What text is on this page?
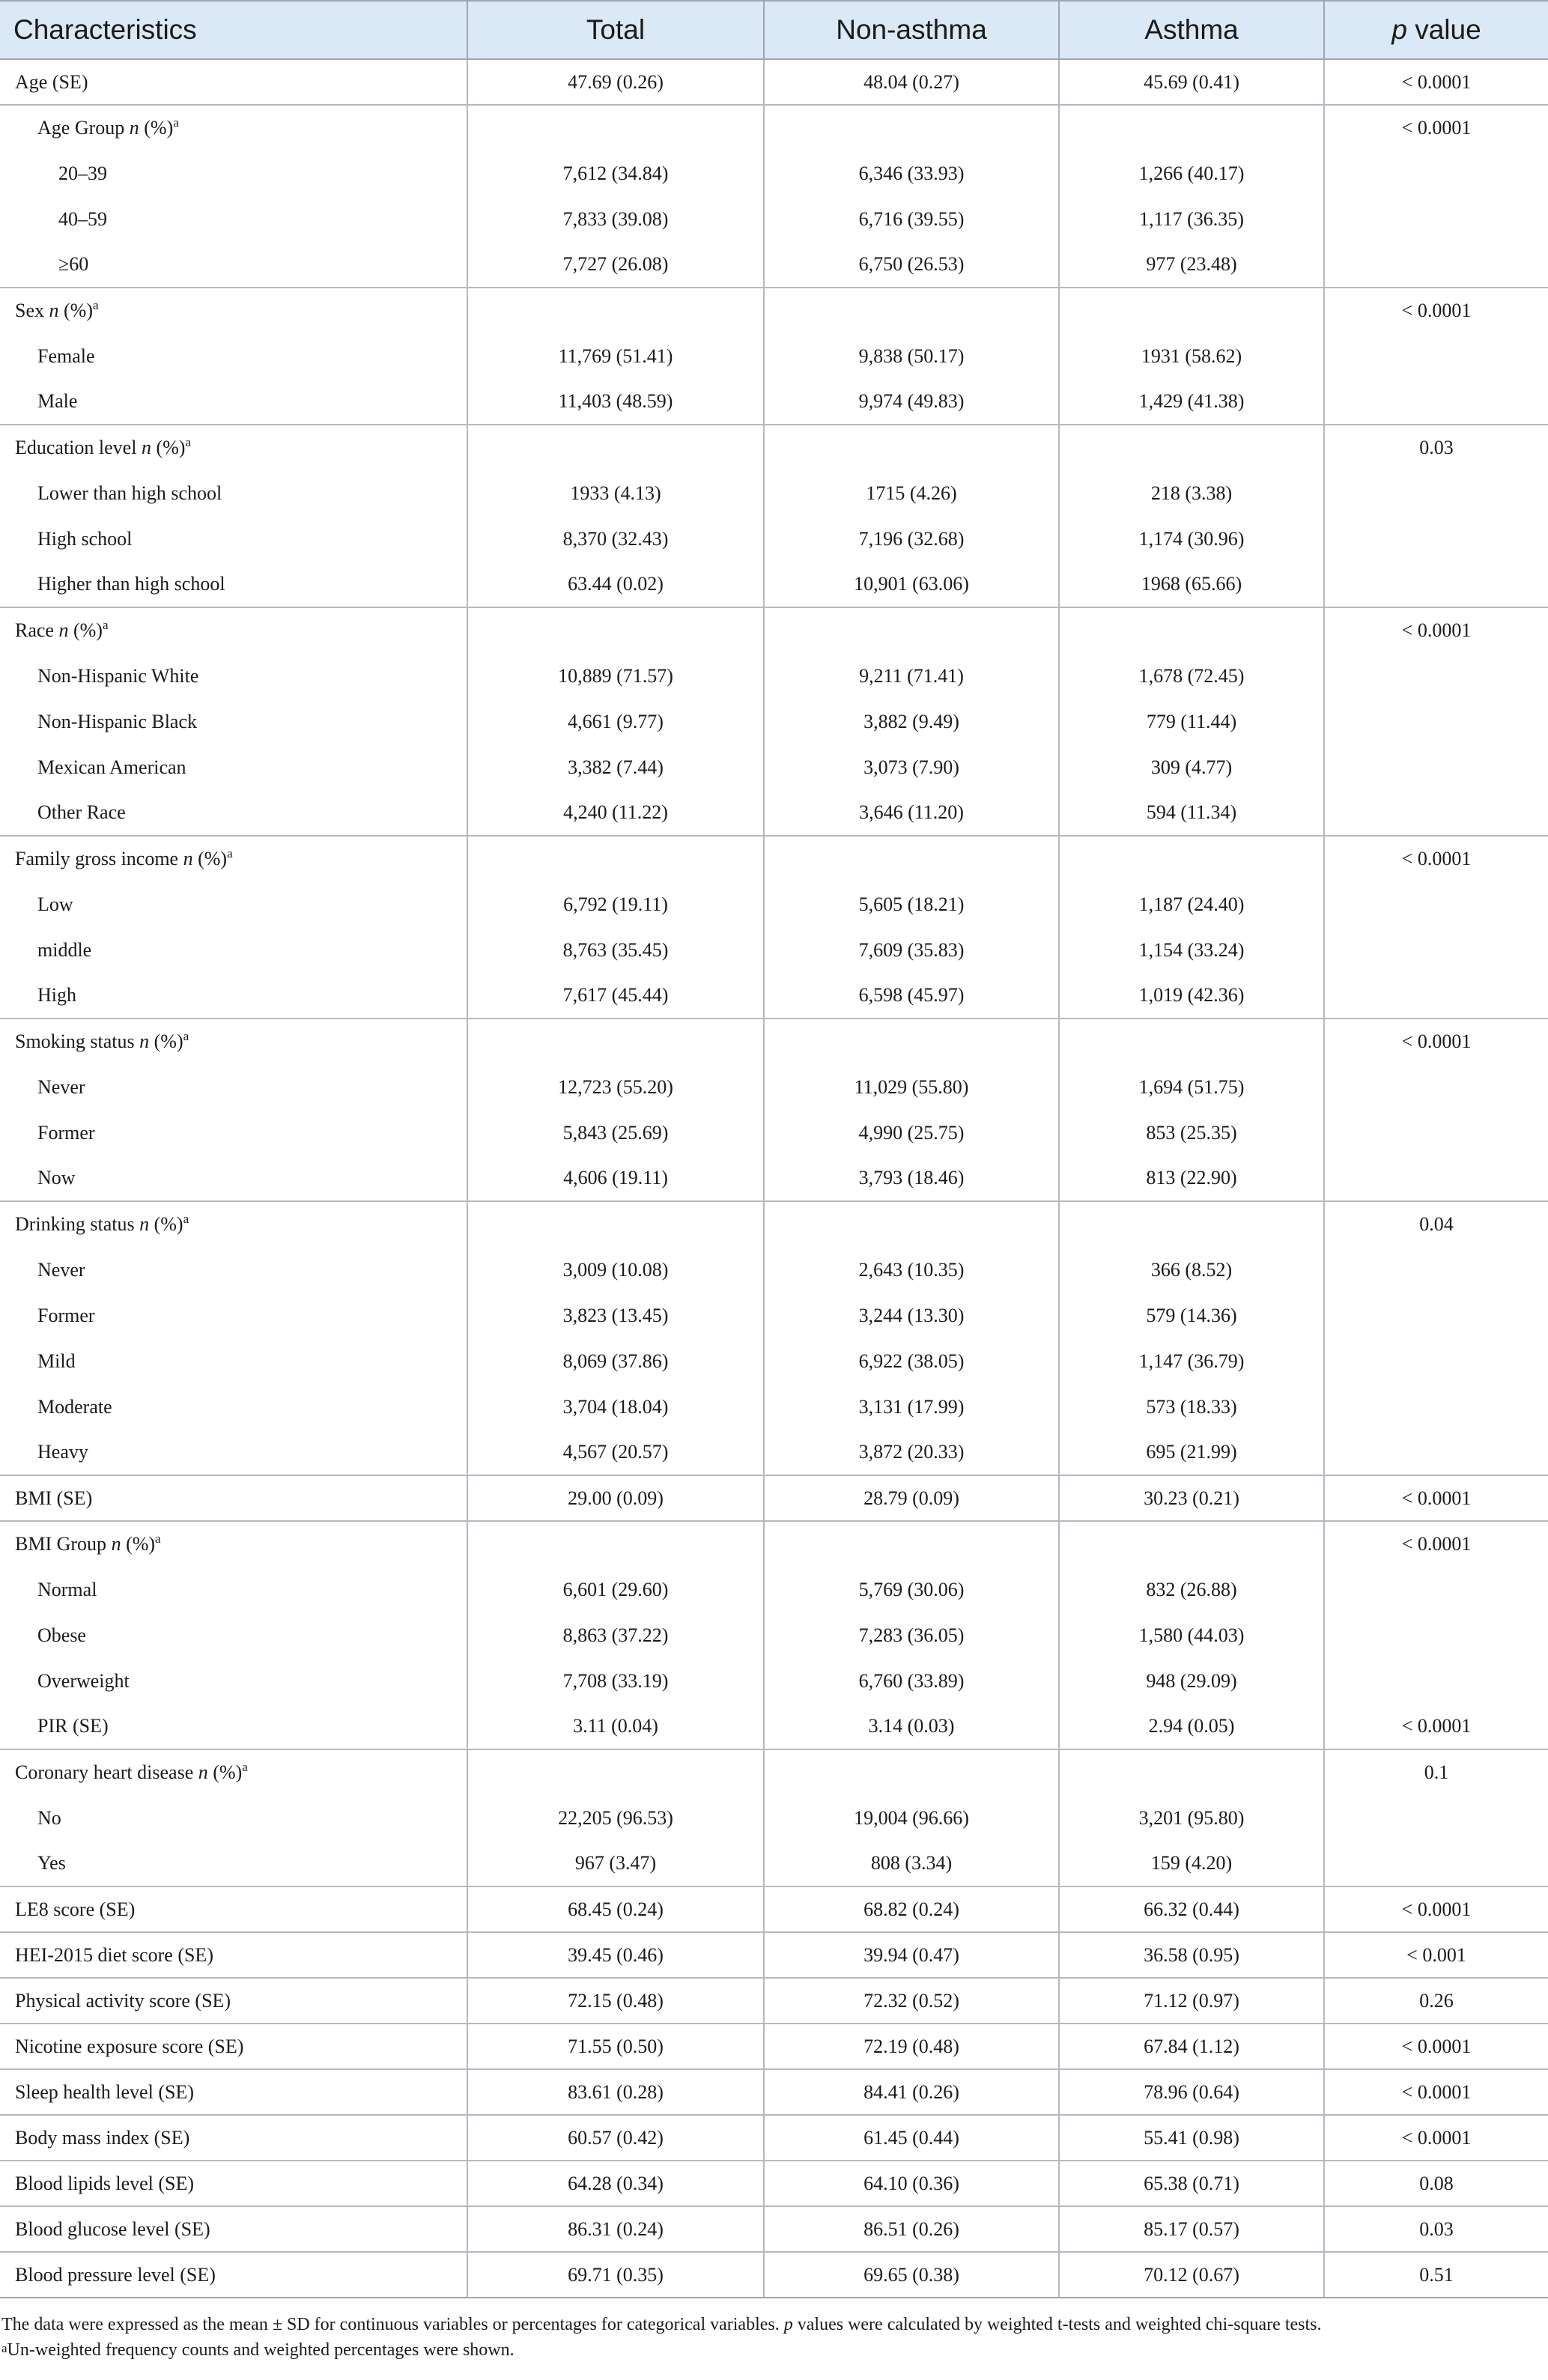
Characteristics	Total	Non-asthma	Asthma	p value
Age (SE)	47.69 (0.26)	48.04 (0.27)	45.69 (0.41)	< 0.0001
Age Group n (%)$^a$				< 0.0001
20–39	7,612 (34.84)	6,346 (33.93)	1,266 (40.17)	
40–59	7,833 (39.08)	6,716 (39.55)	1,117 (36.35)	
≥60	7,727 (26.08)	6,750 (26.53)	977 (23.48)	
Sex n (%)$^a$				< 0.0001
Female	11,769 (51.41)	9,838 (50.17)	1931 (58.62)	
Male	11,403 (48.59)	9,974 (49.83)	1,429 (41.38)	
Education level n (%)$^a$				0.03
Lower than high school	1933 (4.13)	1715 (4.26)	218 (3.38)	
High school	8,370 (32.43)	7,196 (32.68)	1,174 (30.96)	
Higher than high school	63.44 (0.02)	10,901 (63.06)	1968 (65.66)	
Race n (%)$^a$				< 0.0001
Non-Hispanic White	10,889 (71.57)	9,211 (71.41)	1,678 (72.45)	
Non-Hispanic Black	4,661 (9.77)	3,882 (9.49)	779 (11.44)	
Mexican American	3,382 (7.44)	3,073 (7.90)	309 (4.77)	
Other Race	4,240 (11.22)	3,646 (11.20)	594 (11.34)	
Family gross income n (%)$^a$				< 0.0001
Low	6,792 (19.11)	5,605 (18.21)	1,187 (24.40)	
middle	8,763 (35.45)	7,609 (35.83)	1,154 (33.24)	
High	7,617 (45.44)	6,598 (45.97)	1,019 (42.36)	
Smoking status n (%)$^a$				< 0.0001
Never	12,723 (55.20)	11,029 (55.80)	1,694 (51.75)	
Former	5,843 (25.69)	4,990 (25.75)	853 (25.35)	
Now	4,606 (19.11)	3,793 (18.46)	813 (22.90)	
Drinking status n (%)$^a$				0.04
Never	3,009 (10.08)	2,643 (10.35)	366 (8.52)	
Former	3,823 (13.45)	3,244 (13.30)	579 (14.36)	
Mild	8,069 (37.86)	6,922 (38.05)	1,147 (36.79)	
Moderate	3,704 (18.04)	3,131 (17.99)	573 (18.33)	
Heavy	4,567 (20.57)	3,872 (20.33)	695 (21.99)	
BMI (SE)	29.00 (0.09)	28.79 (0.09)	30.23 (0.21)	< 0.0001
BMI Group n (%)$^a$				< 0.0001
Normal	6,601 (29.60)	5,769 (30.06)	832 (26.88)	
Obese	8,863 (37.22)	7,283 (36.05)	1,580 (44.03)	
Overweight	7,708 (33.19)	6,760 (33.89)	948 (29.09)	
PIR (SE)	3.11 (0.04)	3.14 (0.03)	2.94 (0.05)	< 0.0001
Coronary heart disease n (%)$^a$				0.1
No	22,205 (96.53)	19,004 (96.66)	3,201 (95.80)	
Yes	967 (3.47)	808 (3.34)	159 (4.20)	
LE8 score (SE)	68.45 (0.24)	68.82 (0.24)	66.32 (0.44)	< 0.0001
HEI-2015 diet score (SE)	39.45 (0.46)	39.94 (0.47)	36.58 (0.95)	< 0.001
Physical activity score (SE)	72.15 (0.48)	72.32 (0.52)	71.12 (0.97)	0.26
Nicotine exposure score (SE)	71.55 (0.50)	72.19 (0.48)	67.84 (1.12)	< 0.0001
Sleep health level (SE)	83.61 (0.28)	84.41 (0.26)	78.96 (0.64)	< 0.0001
Body mass index (SE)	60.57 (0.42)	61.45 (0.44)	55.41 (0.98)	< 0.0001
Blood lipids level (SE)	64.28 (0.34)	64.10 (0.36)	65.38 (0.71)	0.08
Blood glucose level (SE)	86.31 (0.24)	86.51 (0.26)	85.17 (0.57)	0.03
Blood pressure level (SE)	69.71 (0.35)	69.65 (0.38)	70.12 (0.67)	0.51
The data were expressed as the mean ± SD for continuous variables or percentages for categorical variables. p values were calculated by weighted t-tests and weighted chi-square tests.
$^a$Un-weighted frequency counts and weighted percentages were shown.
